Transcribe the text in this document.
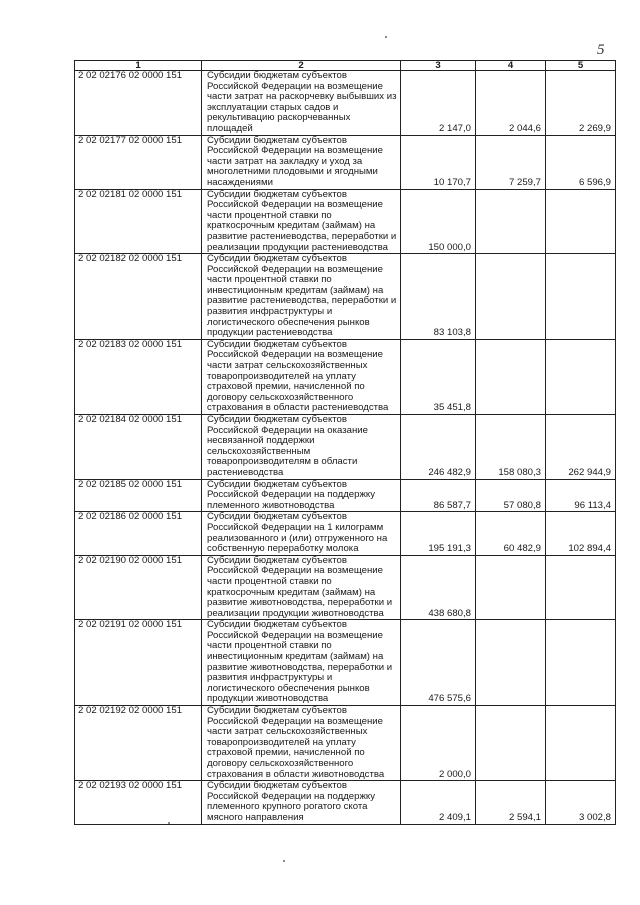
5
1	2	3	4	5
2 02 02176 02 0000 151	Субсидии бюджетам субъектов Российской Федерации на возмещение части затрат на раскорчевку выбывших из эксплуатации старых садов и рекультивацию раскорчеванных площадей	2 147,0	2 044,6	2 269,9
2 02 02177 02 0000 151	Субсидии бюджетам субъектов Российской Федерации на возмещение части затрат на закладку и уход за многолетними плодовыми и ягодными насаждениями	10 170,7	7 259,7	6 596,9
2 02 02181 02 0000 151	Субсидии бюджетам субъектов Российской Федерации на возмещение части процентной ставки по краткосрочным кредитам (займам) на развитие растениеводства, переработки и реализации продукции растениеводства	150 000,0		
2 02 02182 02 0000 151	Субсидии бюджетам субъектов Российской Федерации на возмещение части процентной ставки по инвестиционным кредитам (займам) на развитие растениеводства, переработки и развития инфраструктуры и логистического обеспечения рынков продукции растениеводства	83 103,8		
2 02 02183 02 0000 151	Субсидии бюджетам субъектов Российской Федерации на возмещение части затрат сельскохозяйственных товаропроизводителей на уплату страховой премии, начисленной по договору сельскохозяйственного страхования в области растениеводства	35 451,8		
2 02 02184 02 0000 151	Субсидии бюджетам субъектов Российской Федерации на оказание несвязанной поддержки сельскохозяйственным товаропроизводителям в области растениеводства	246 482,9	158 080,3	262 944,9
2 02 02185 02 0000 151	Субсидии бюджетам субъектов Российской Федерации на поддержку племенного животноводства	86 587,7	57 080,8	96 113,4
2 02 02186 02 0000 151	Субсидии бюджетам субъектов Российской Федерации на 1 килограмм реализованного и (или) отгруженного на собственную переработку молока	195 191,3	60 482,9	102 894,4
2 02 02190 02 0000 151	Субсидии бюджетам субъектов Российской Федерации на возмещение части процентной ставки по краткосрочным кредитам (займам) на развитие животноводства, переработки и реализации продукции животноводства	438 680,8		
2 02 02191 02 0000 151	Субсидии бюджетам субъектов Российской Федерации на возмещение части процентной ставки по инвестиционным кредитам (займам) на развитие животноводства, переработки и развития инфраструктуры и логистического обеспечения рынков продукции животноводства	476 575,6		
2 02 02192 02 0000 151	Субсидии бюджетам субъектов Российской Федерации на возмещение части затрат сельскохозяйственных товаропроизводителей на уплату страховой премии, начисленной по договору сельскохозяйственного страхования в области животноводства	2 000,0		
2 02 02193 02 0000 151	Субсидии бюджетам субъектов Российской Федерации на поддержку племенного крупного рогатого скота мясного направления	2 409,1	2 594,1	3 002,8
